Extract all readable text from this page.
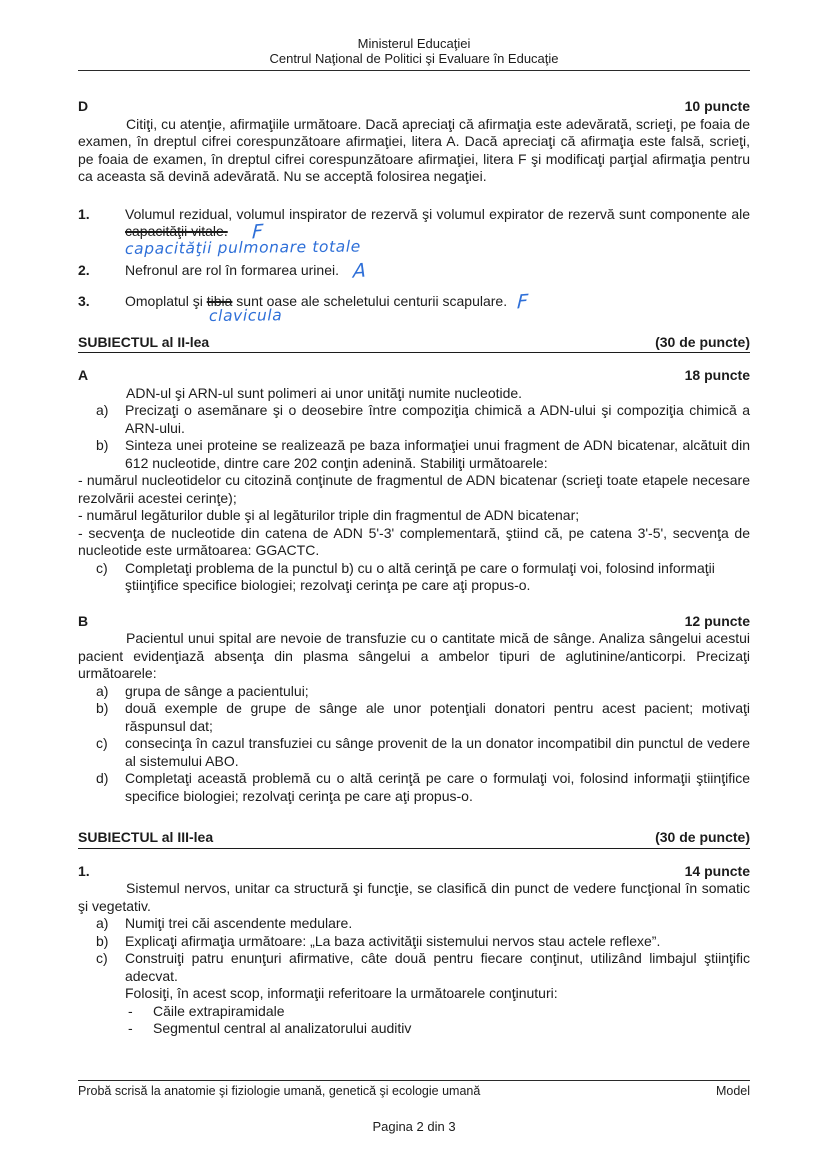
Ministerul Educaţiei
Centrul Naţional de Politici şi Evaluare în Educaţie
D	10 puncte

Citiţi, cu atenţie, afirmaţiile următoare. Dacă apreciaţi că afirmaţia este adevărată, scrieţi, pe foaia de examen, în dreptul cifrei corespunzătoare afirmaţiei, litera A. Dacă apreciaţi că afirmaţia este falsă, scrieţi, pe foaia de examen, în dreptul cifrei corespunzătoare afirmaţiei, litera F şi modificaţi parţial afirmaţia pentru ca aceasta să devină adevărată. Nu se acceptă folosirea negaţiei.

1.	Volumul rezidual, volumul inspirator de rezervă şi volumul expirator de rezervă sunt componente ale capacităţii vitale. F
capacităţii pulmonare totale
2.	Nefronul are rol în formarea urinei. A
3.	Omoplatul şi tibia sunt oase ale scheletului centurii scapulare. F
clavicula
SUBIECTUL al II-lea	(30 de puncte)
A	18 puncte

ADN-ul şi ARN-ul sunt polimeri ai unor unităţi numite nucleotide.

a)	Precizaţi o asemănare şi o deosebire între compoziţia chimică a ADN-ului şi compoziţia chimică a ARN-ului.
b)	Sinteza unei proteine se realizează pe baza informaţiei unui fragment de ADN bicatenar, alcătuit din 612 nucleotide, dintre care 202 conţin adenină. Stabiliţi următoarele:

- numărul nucleotidelor cu citozină conţinute de fragmentul de ADN bicatenar (scrieţi toate etapele necesare rezolvării acestei cerinţe);

- numărul legăturilor duble şi al legăturilor triple din fragmentul de ADN bicatenar;

- secvenţa de nucleotide din catena de ADN 5'-3' complementară, ştiind că, pe catena 3'-5', secvenţa de nucleotide este următoarea: GGACTC.

c)	Completaţi problema de la punctul b) cu o altă cerinţă pe care o formulaţi voi, folosind informaţii ştiinţifice specifice biologiei; rezolvaţi cerinţa pe care aţi propus-o.
B	12 puncte

Pacientul unui spital are nevoie de transfuzie cu o cantitate mică de sânge. Analiza sângelui acestui pacient evidenţiază absenţa din plasma sângelui a ambelor tipuri de aglutinine/anticorpi. Precizaţi următoarele:

a)	grupa de sânge a pacientului;
b)	două exemple de grupe de sânge ale unor potenţiali donatori pentru acest pacient; motivaţi răspunsul dat;
c)	consecinţa în cazul transfuziei cu sânge provenit de la un donator incompatibil din punctul de vedere al sistemului ABO.
d)	Completaţi această problemă cu o altă cerinţă pe care o formulaţi voi, folosind informaţii ştiinţifice specifice biologiei; rezolvaţi cerinţa pe care aţi propus-o.
SUBIECTUL al III-lea	(30 de puncte)
1.	14 puncte

Sistemul nervos, unitar ca structură şi funcţie, se clasifică din punct de vedere funcţional în somatic şi vegetativ.

a)	Numiţi trei căi ascendente medulare.
b)	Explicaţi afirmaţia următoare: „La baza activităţii sistemului nervos stau actele reflexe”.
c)	Construiţi patru enunţuri afirmative, câte două pentru fiecare conţinut, utilizând limbajul ştiinţific adecvat.
Folosiţi, în acest scop, informaţii referitoare la următoarele conţinuturi:
-	Căile extrapiramidale
-	Segmentul central al analizatorului auditiv
Probă scrisă la anatomie şi fiziologie umană, genetică şi ecologie umană	Model
Pagina 2 din 3
